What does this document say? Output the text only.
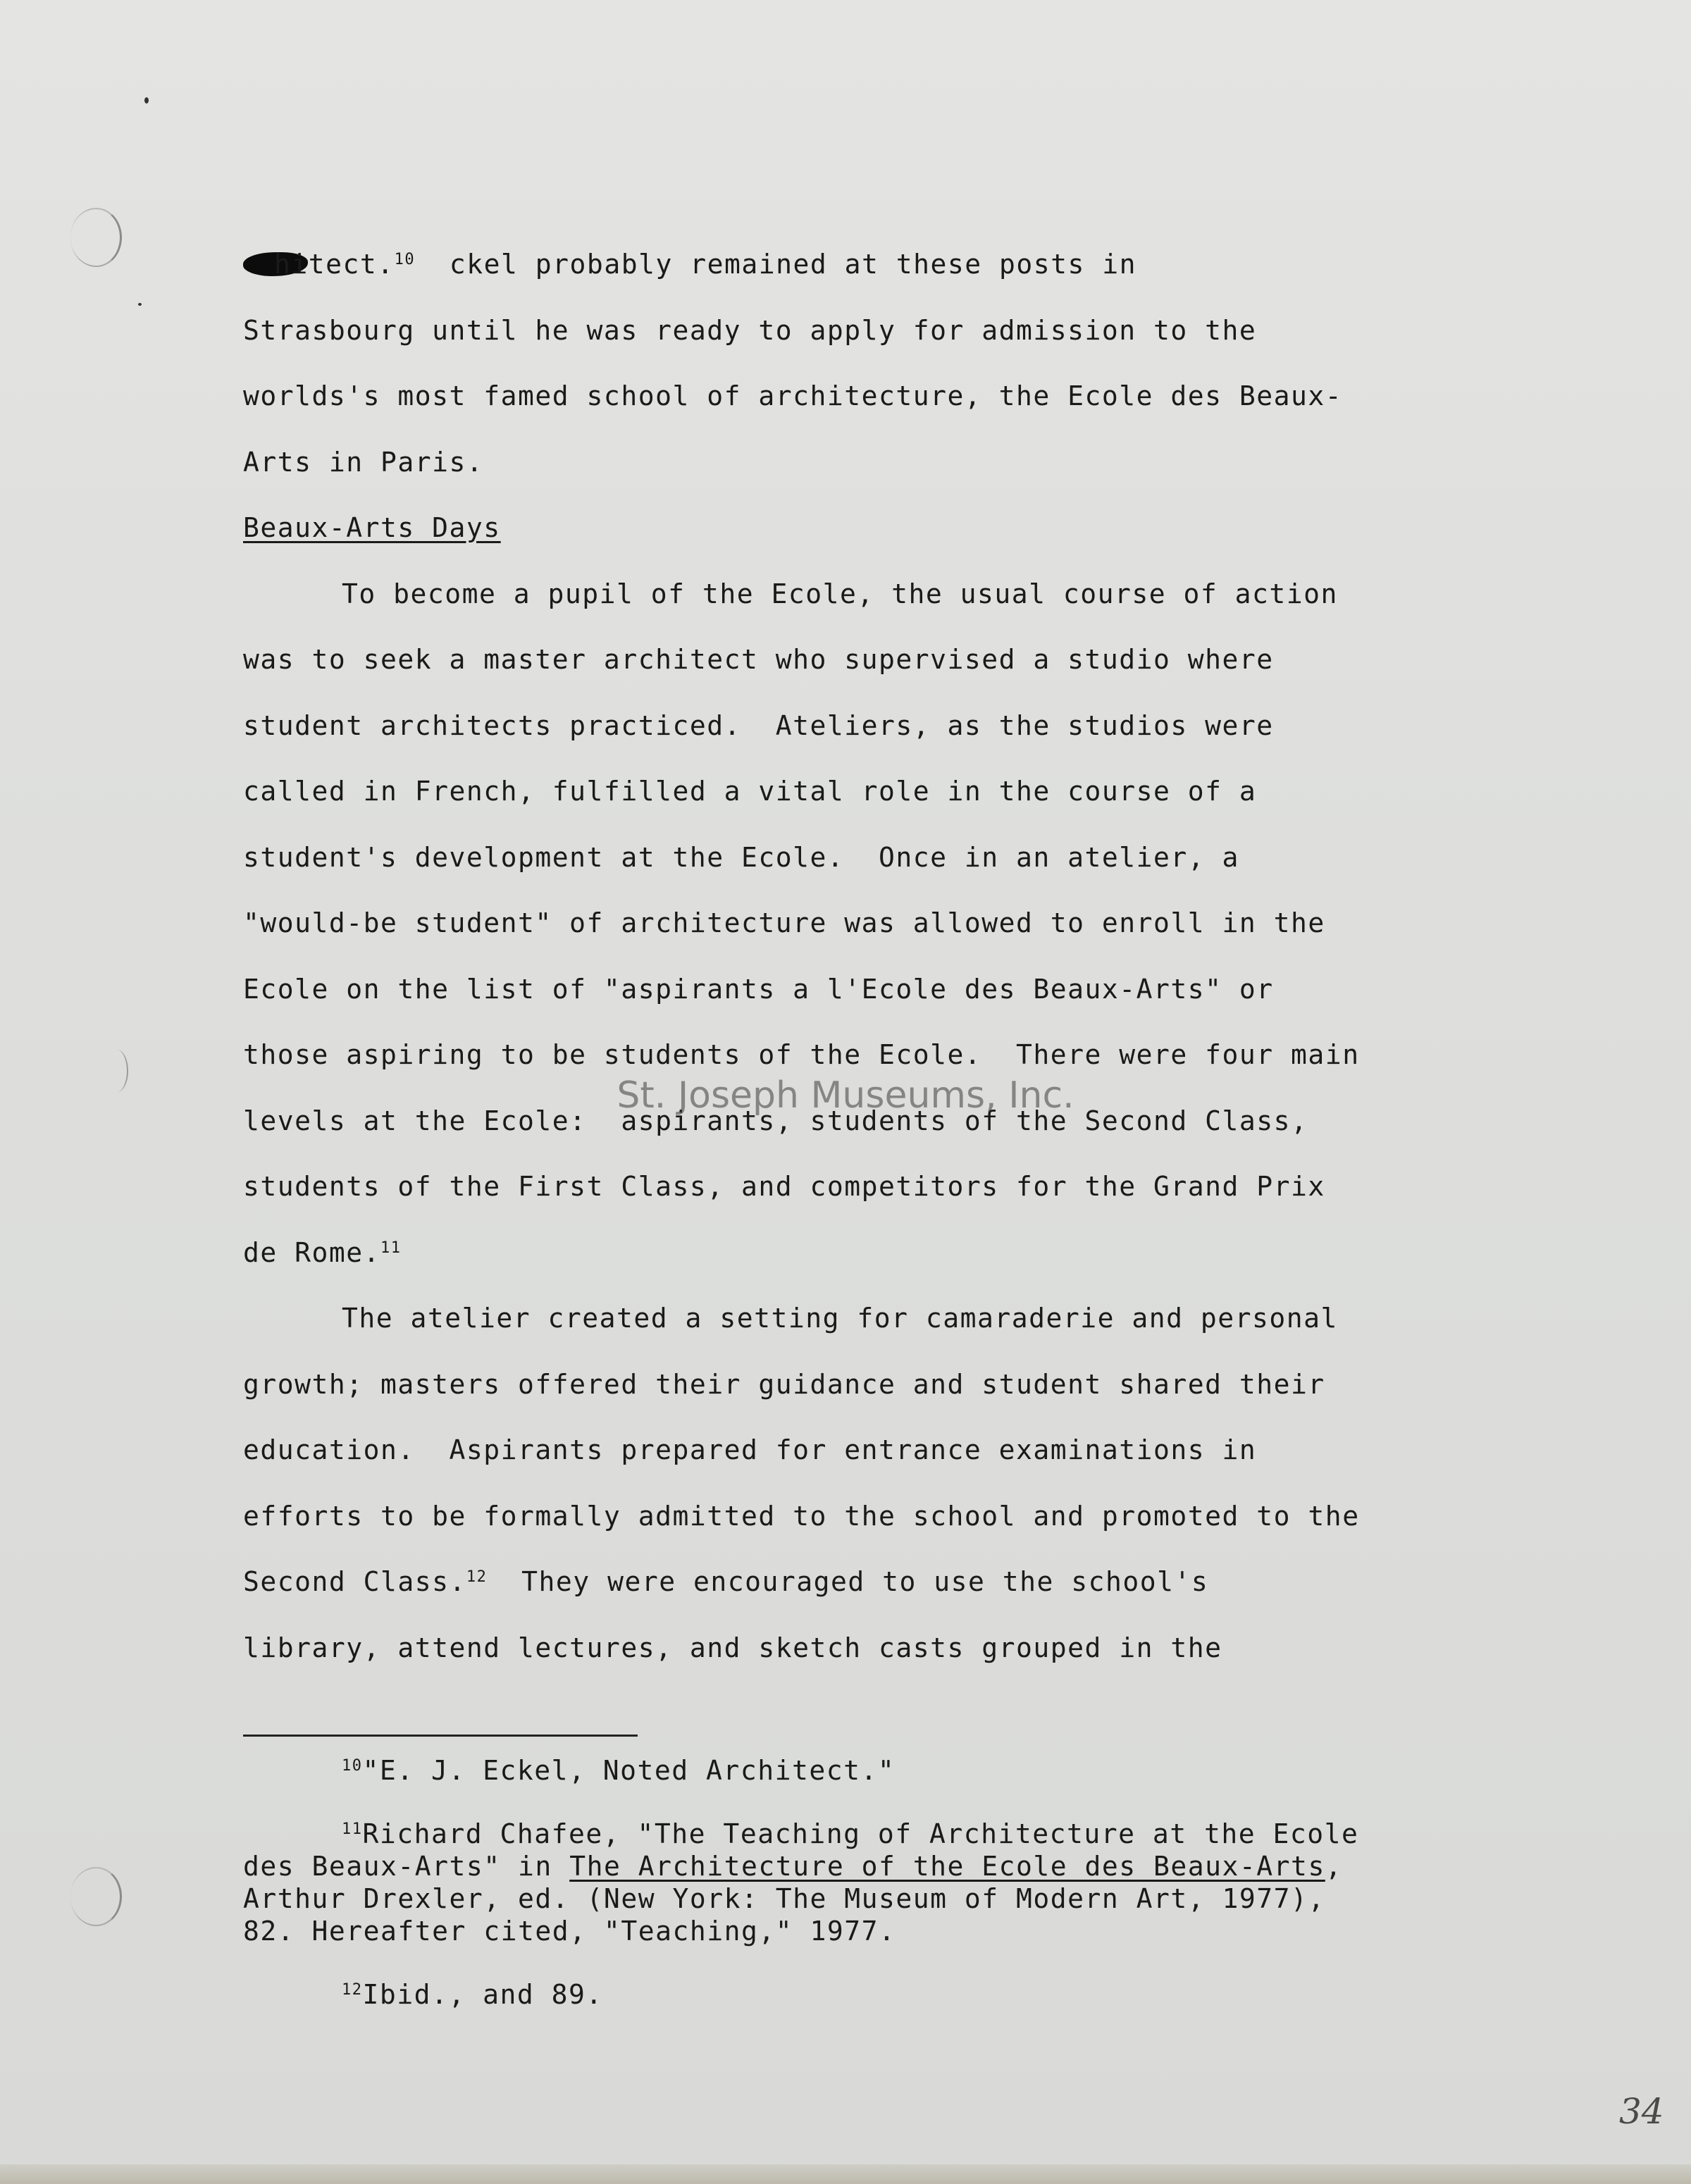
hitect.$^{10}$  ckel probably remained at these posts in
Strasbourg until he was ready to apply for admission to the
worlds's most famed school of architecture, the Ecole des Beaux-
Arts in Paris.
Beaux-Arts Days
To become a pupil of the Ecole, the usual course of action
was to seek a master architect who supervised a studio where
student architects practiced.  Ateliers, as the studios were
called in French, fulfilled a vital role in the course of a
student's development at the Ecole.  Once in an atelier, a
"would-be student" of architecture was allowed to enroll in the
Ecole on the list of "aspirants a l'Ecole des Beaux-Arts" or
those aspiring to be students of the Ecole.  There were four main
levels at the Ecole:  aspirants, students of the Second Class,
students of the First Class, and competitors for the Grand Prix
de Rome.$^{11}$
The atelier created a setting for camaraderie and personal
growth; masters offered their guidance and student shared their
education.  Aspirants prepared for entrance examinations in
efforts to be formally admitted to the school and promoted to the
Second Class.$^{12}$  They were encouraged to use the school's
library, attend lectures, and sketch casts grouped in the
$^{10}$"E. J. Eckel, Noted Architect."
$^{11}$Richard Chafee, "The Teaching of Architecture at the Ecole
des Beaux-Arts" in The Architecture of the Ecole des Beaux-Arts,
Arthur Drexler, ed. (New York: The Museum of Modern Art, 1977),
82. Hereafter cited, "Teaching," 1977.
$^{12}$Ibid., and 89.
St. Joseph Museums, Inc.
34
